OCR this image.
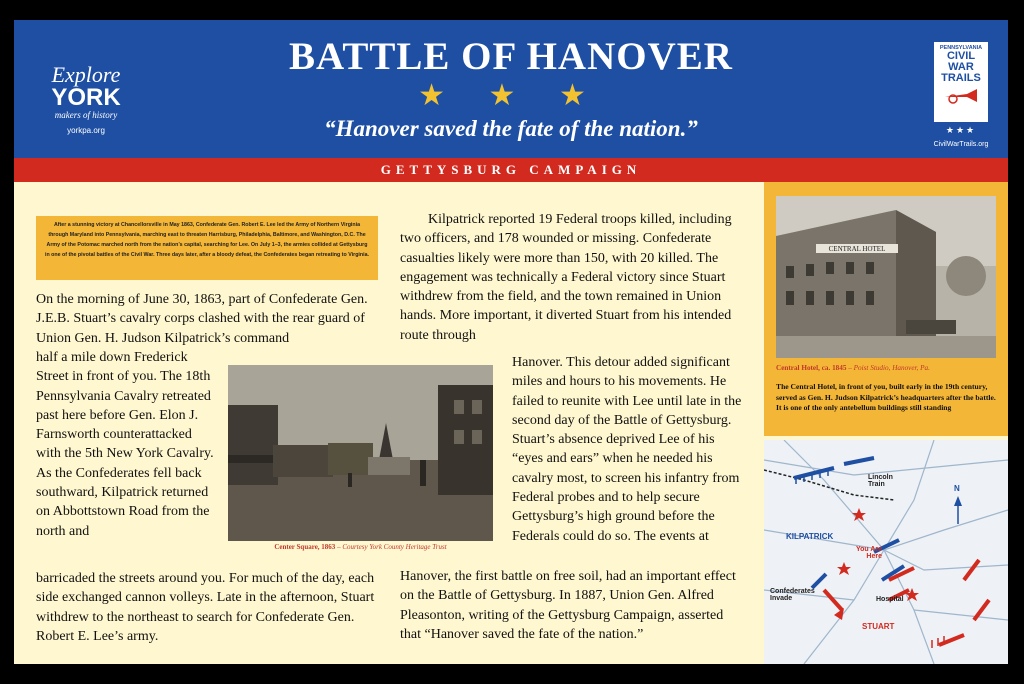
Explore
YORK
makers of history
yorkpa.org
BATTLE OF HANOVER
★ ★ ★
“Hanover saved the fate of the nation.”
PENNSYLVANIA
CIVIL WAR
TRAILS
★★★
CivilWarTrails.org
GETTYSBURG CAMPAIGN
After a stunning victory at Chancellorsville in May 1863, Confederate Gen. Robert E. Lee led the Army of Northern Virginia through Maryland into Pennsylvania, marching east to threaten Harrisburg, Philadelphia, Baltimore, and Washington, D.C. The Army of the Potomac marched north from the nation’s capital, searching for Lee. On July 1–3, the armies collided at Gettysburg in one of the pivotal battles of the Civil War. Three days later, after a bloody defeat, the Confederates began retreating to Virginia.
On the morning of June 30, 1863, part of Confederate Gen. J.E.B. Stuart’s cavalry corps clashed with the rear guard of Union Gen. H. Judson Kilpatrick’s command
half a mile down Frederick Street in front of you. The 18th Pennsylvania Cavalry retreated past here before Gen. Elon J. Farnsworth counterattacked with the 5th New York Cavalry. As the Confederates fell back southward, Kilpatrick returned on Abbottstown Road from the north and
barricaded the streets around you. For much of the day, each side exchanged cannon volleys. Late in the afternoon, Stuart withdrew to the northeast to search for Confederate Gen. Robert E. Lee’s army.
Center Square, 1863 – Courtesy York County Heritage Trust
Kilpatrick reported 19 Federal troops killed, including two officers, and 178 wounded or missing. Confederate casualties likely were more than 150, with 20 killed. The engagement was technically a Federal victory since Stuart withdrew from the field, and the town remained in Union hands. More important, it diverted Stuart from his intended route through
Hanover. This detour added significant miles and hours to his movements. He failed to reunite with Lee until late in the second day of the Battle of Gettysburg. Stuart’s absence deprived Lee of his “eyes and ears” when he needed his cavalry most, to screen his infantry from Federal probes and to help secure Gettysburg’s high ground before the Federals could do so. The events at
Hanover, the first battle on free soil, had an important effect on the Battle of Gettysburg. In 1887, Union Gen. Alfred Pleasonton, writing of the Gettysburg Campaign, asserted that “Hanover saved the fate of the nation.”
CENTRAL HOTEL
Central Hotel, ca. 1845 – Poist Studio, Hanover, Pa.
The Central Hotel, in front of you, built early in the 19th century, served as Gen. H. Judson Kilpatrick’s headquarters after the battle. It is one of the only antebellum buildings still standing
Lincoln Train
KILPATRICK
You Are Here
Confederates Invade	Hospital
STUART
N
